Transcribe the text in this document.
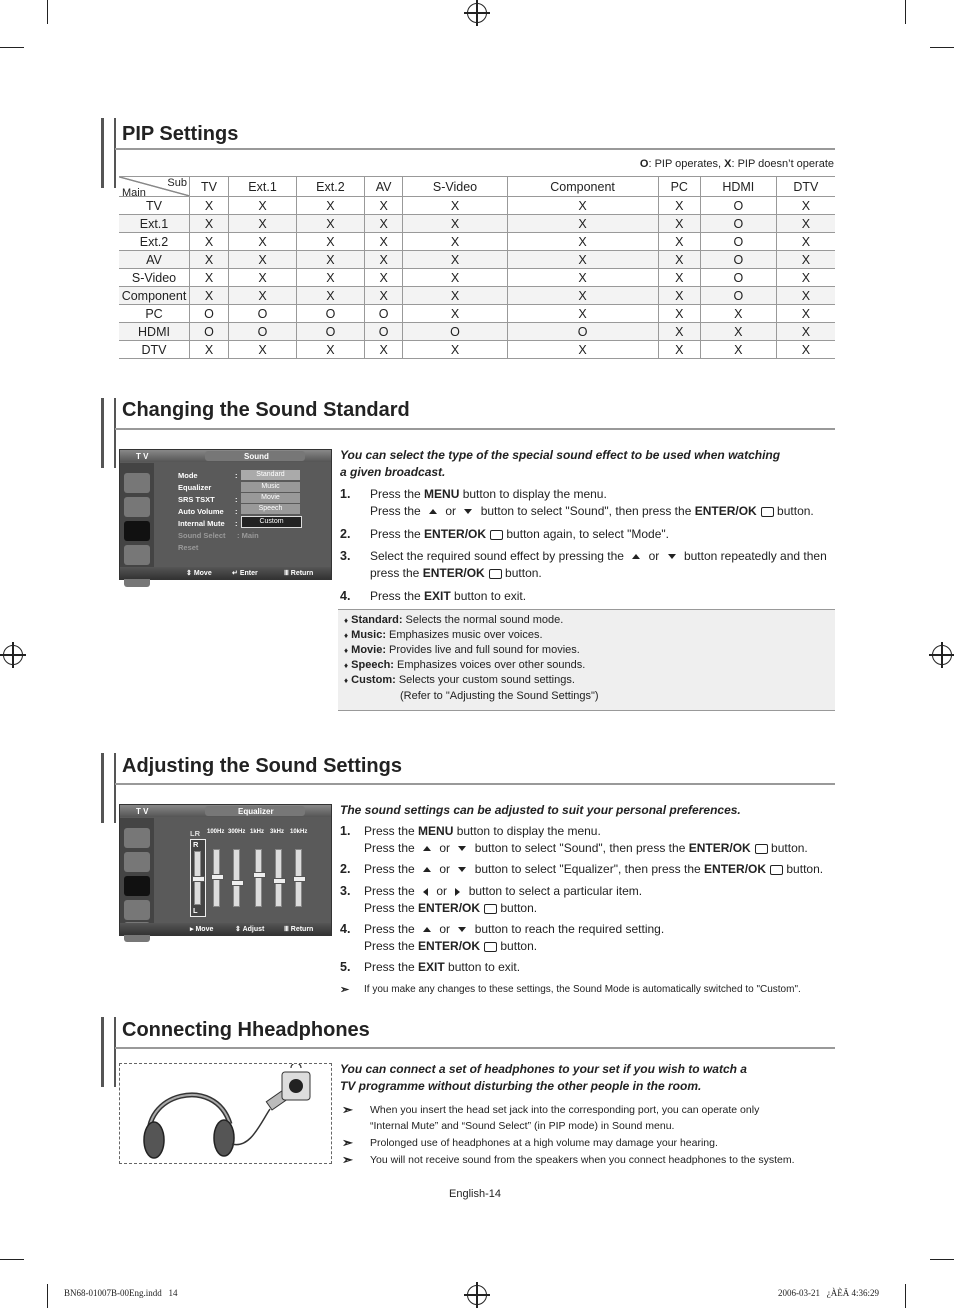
PIP Settings
O: PIP operates, X: PIP doesn’t operate
Sub
Main	TV	Ext.1	Ext.2	AV	S-Video	Component	PC	HDMI	DTV
TV	X	X	X	X	X	X	X	O	X
Ext.1	X	X	X	X	X	X	X	O	X
Ext.2	X	X	X	X	X	X	X	O	X
AV	X	X	X	X	X	X	X	O	X
S-Video	X	X	X	X	X	X	X	O	X
Component	X	X	X	X	X	X	X	O	X
PC	O	O	O	O	X	X	X	X	X
HDMI	O	O	O	O	O	O	X	X	X
DTV	X	X	X	X	X	X	X	X	X
Changing the Sound Standard
T V	Sound
Mode
Equalizer
SRS TSXT
Auto Volume
Internal Mute
Sound Select
Reset
:
:
:
:
: Main
Standard
Music
Movie
Speech
Custom
⇕ Move	↵ Enter	Ⅲ Return
You can select the type of the special sound effect to be used when watching
a given broadcast.
1. Press the MENU button to display the menu.
Press the  or  button to select "Sound", then press the ENTER/OK button.
2. Press the ENTER/OK button again, to select "Mode".
3. Select the required sound effect by pressing the  or  button repeatedly and then
press the ENTER/OK button.
4. Press the EXIT button to exit.
♦ Standard: Selects the normal sound mode.
♦ Music: Emphasizes music over voices.
♦ Movie: Provides live and full sound for movies.
♦ Speech: Emphasizes voices over other sounds.
♦ Custom: Selects your custom sound settings.
(Refer to "Adjusting the Sound Settings")
Adjusting the Sound Settings
T V	Equalizer
LR 100Hz 300Hz 1kHz 3kHz 10kHz
R
L
▸ Move	⇕ Adjust	Ⅲ Return
The sound settings can be adjusted to suit your personal preferences.
1. Press the MENU button to display the menu.
Press the  or  button to select "Sound", then press the ENTER/OK button.
2. Press the  or  button to select "Equalizer", then press the ENTER/OK button.
3. Press the  or  button to select a particular item.
Press the ENTER/OK button.
4. Press the  or  button to reach the required setting.
Press the ENTER/OK button.
5. Press the EXIT button to exit.
➣ If you make any changes to these settings, the Sound Mode is automatically switched to "Custom".
Connecting Hheadphones
You can connect a set of headphones to your set if you wish to watch a
TV programme without disturbing the other people in the room.
➣ When you insert the head set jack into the corresponding port, you can operate only
“Internal Mute” and “Sound Select” (in PIP mode) in Sound menu.
➣ Prolonged use of headphones at a high volume may damage your hearing.
➣ You will not receive sound from the speakers when you connect headphones to the system.
English-14
BN68-01007B-00Eng.indd   14	2006-03-21   ¿ÀÈÄ 4:36:29
